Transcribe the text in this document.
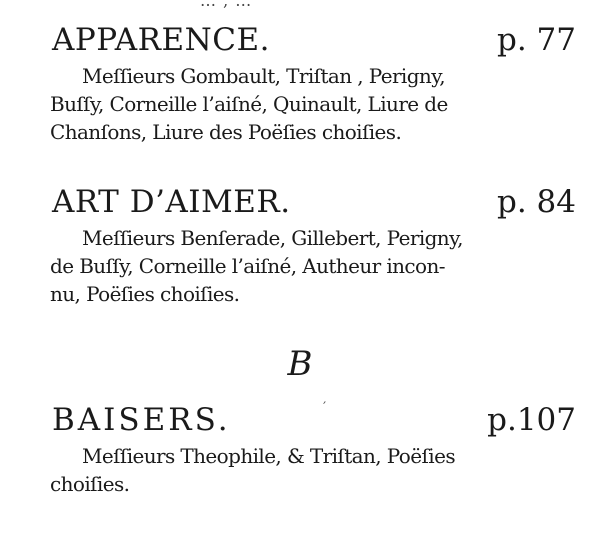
… , …
APPARENCE.	p. 77
Meſſieurs Gombault, Triſtan , Perigny,
Buſſy, Corneille l’aiſné, Quinault, Liure de
Chanſons, Liure des Poëſies choiſies.
ART D’AIMER.	p. 84
Meſſieurs Benſerade, Gillebert, Perigny,
de Buſſy, Corneille l’aiſné, Autheur incon-
nu, Poëſies choiſies.
B
′
BAISERS.	p.107
Meſſieurs Theophile, & Triſtan, Poëſies
choiſies.
